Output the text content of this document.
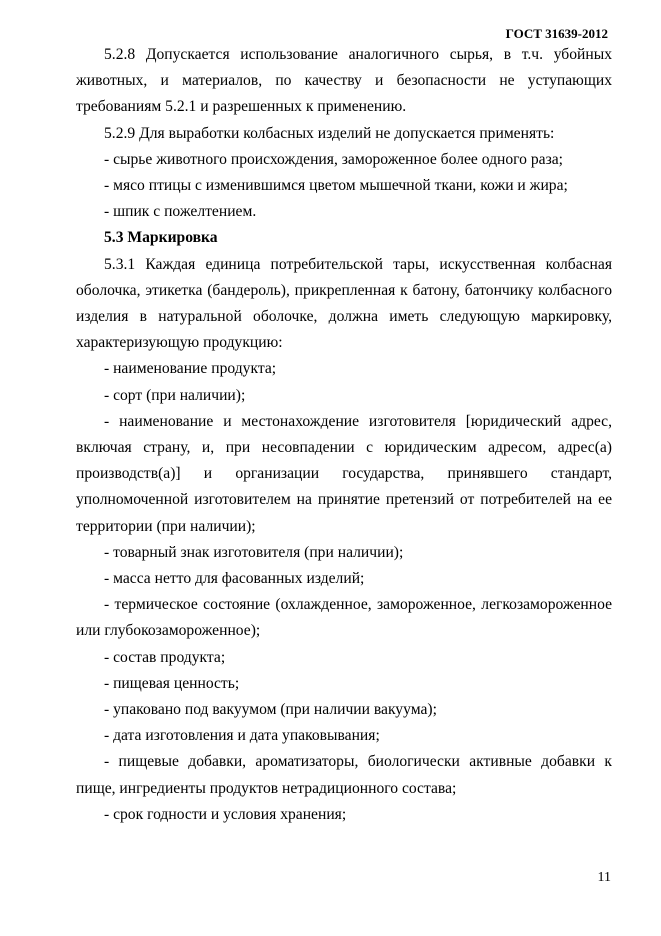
ГОСТ 31639-2012

5.2.8 Допускается использование аналогичного сырья, в т.ч. убойных животных, и материалов, по качеству и безопасности не уступающих требованиям 5.2.1 и разрешенных к применению.

5.2.9 Для выработки колбасных изделий не допускается применять:

- сырье животного происхождения, замороженное более одного раза;

- мясо птицы с изменившимся цветом мышечной ткани, кожи и жира;

- шпик с пожелтением.

5.3 Маркировка

5.3.1 Каждая единица потребительской тары, искусственная колбасная оболочка, этикетка (бандероль), прикрепленная к батону, батончику колбасного изделия в натуральной оболочке, должна иметь следующую маркировку, характеризующую продукцию:

- наименование продукта;

- сорт (при наличии);

- наименование и местонахождение изготовителя [юридический адрес, включая страну, и, при несовпадении с юридическим адресом, адрес(а) производств(а)] и организации государства, принявшего стандарт, уполномоченной изготовителем на принятие претензий от потребителей на ее территории (при наличии);

- товарный знак изготовителя (при наличии);

- масса нетто для фасованных изделий;

- термическое состояние (охлажденное, замороженное, легкозамороженное или глубокозамороженное);

- состав продукта;

- пищевая ценность;

- упаковано под вакуумом (при наличии вакуума);

- дата изготовления и дата упаковывания;

- пищевые добавки, ароматизаторы, биологически активные добавки к пище, ингредиенты продуктов нетрадиционного состава;

- срок годности и условия хранения;

11
